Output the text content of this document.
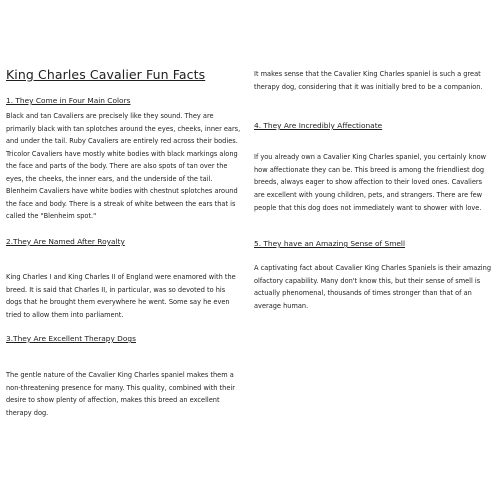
King Charles Cavalier Fun Facts
1. They Come in Four Main Colors

Black and tan Cavaliers are precisely like they sound. They are primarily black with tan splotches around the eyes, cheeks, inner ears, and under the tail. Ruby Cavaliers are entirely red across their bodies. Tricolor Cavaliers have mostly white bodies with black markings along the face and parts of the body. There are also spots of tan over the eyes, the cheeks, the inner ears, and the underside of the tail. Blenheim Cavaliers have white bodies with chestnut splotches around the face and body. There is a streak of white between the ears that is called the "Blenheim spot."

2.They Are Named After Royalty

King Charles I and King Charles II of England were enamored with the breed. It is said that Charles II, in particular, was so devoted to his dogs that he brought them everywhere he went. Some say he even tried to allow them into parliament.

3.They Are Excellent Therapy Dogs

The gentle nature of the Cavalier King Charles spaniel makes them a non-threatening presence for many. This quality, combined with their desire to show plenty of affection, makes this breed an excellent therapy dog.

It makes sense that the Cavalier King Charles spaniel is such a great therapy dog, considering that it was initially bred to be a companion.

4. They Are Incredibly Affectionate

If you already own a Cavalier King Charles spaniel, you certainly know how affectionate they can be. This breed is among the friendliest dog breeds, always eager to show affection to their loved ones. Cavaliers are excellent with young children, pets, and strangers. There are few people that this dog does not immediately want to shower with love.

5. They have an Amazing Sense of Smell

A captivating fact about Cavalier King Charles Spaniels is their amazing olfactory capability. Many don't know this, but their sense of smell is actually phenomenal, thousands of times stronger than that of an average human.
